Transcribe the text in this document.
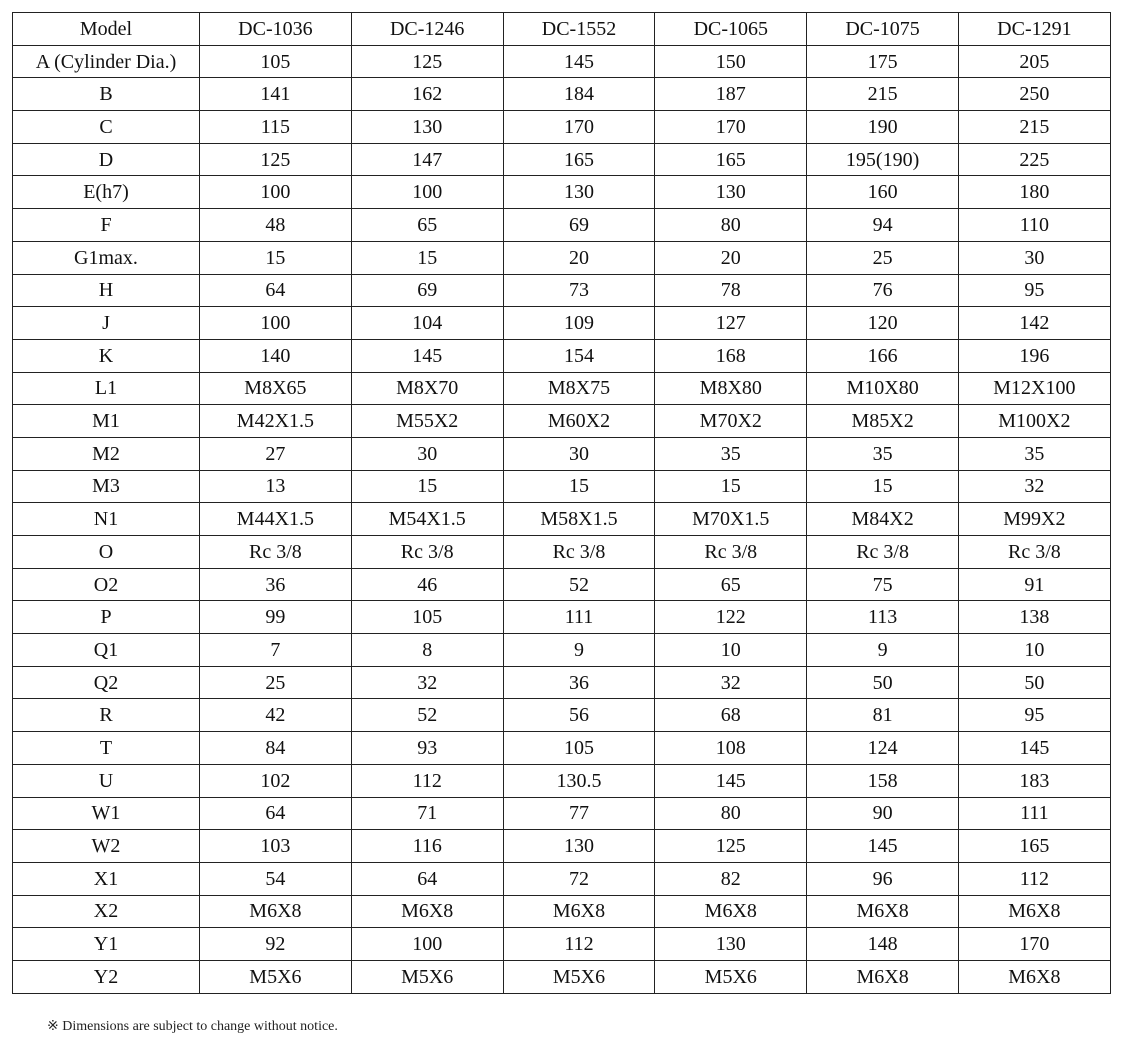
Model	DC-1036	DC-1246	DC-1552	DC-1065	DC-1075	DC-1291
A (Cylinder Dia.)	105	125	145	150	175	205
B	141	162	184	187	215	250
C	115	130	170	170	190	215
D	125	147	165	165	195(190)	225
E(h7)	100	100	130	130	160	180
F	48	65	69	80	94	110
G1max.	15	15	20	20	25	30
H	64	69	73	78	76	95
J	100	104	109	127	120	142
K	140	145	154	168	166	196
L1	M8X65	M8X70	M8X75	M8X80	M10X80	M12X100
M1	M42X1.5	M55X2	M60X2	M70X2	M85X2	M100X2
M2	27	30	30	35	35	35
M3	13	15	15	15	15	32
N1	M44X1.5	M54X1.5	M58X1.5	M70X1.5	M84X2	M99X2
O	Rc 3/8	Rc 3/8	Rc 3/8	Rc 3/8	Rc 3/8	Rc 3/8
O2	36	46	52	65	75	91
P	99	105	111	122	113	138
Q1	7	8	9	10	9	10
Q2	25	32	36	32	50	50
R	42	52	56	68	81	95
T	84	93	105	108	124	145
U	102	112	130.5	145	158	183
W1	64	71	77	80	90	111
W2	103	116	130	125	145	165
X1	54	64	72	82	96	112
X2	M6X8	M6X8	M6X8	M6X8	M6X8	M6X8
Y1	92	100	112	130	148	170
Y2	M5X6	M5X6	M5X6	M5X6	M6X8	M6X8
※ Dimensions are subject to change without notice.
